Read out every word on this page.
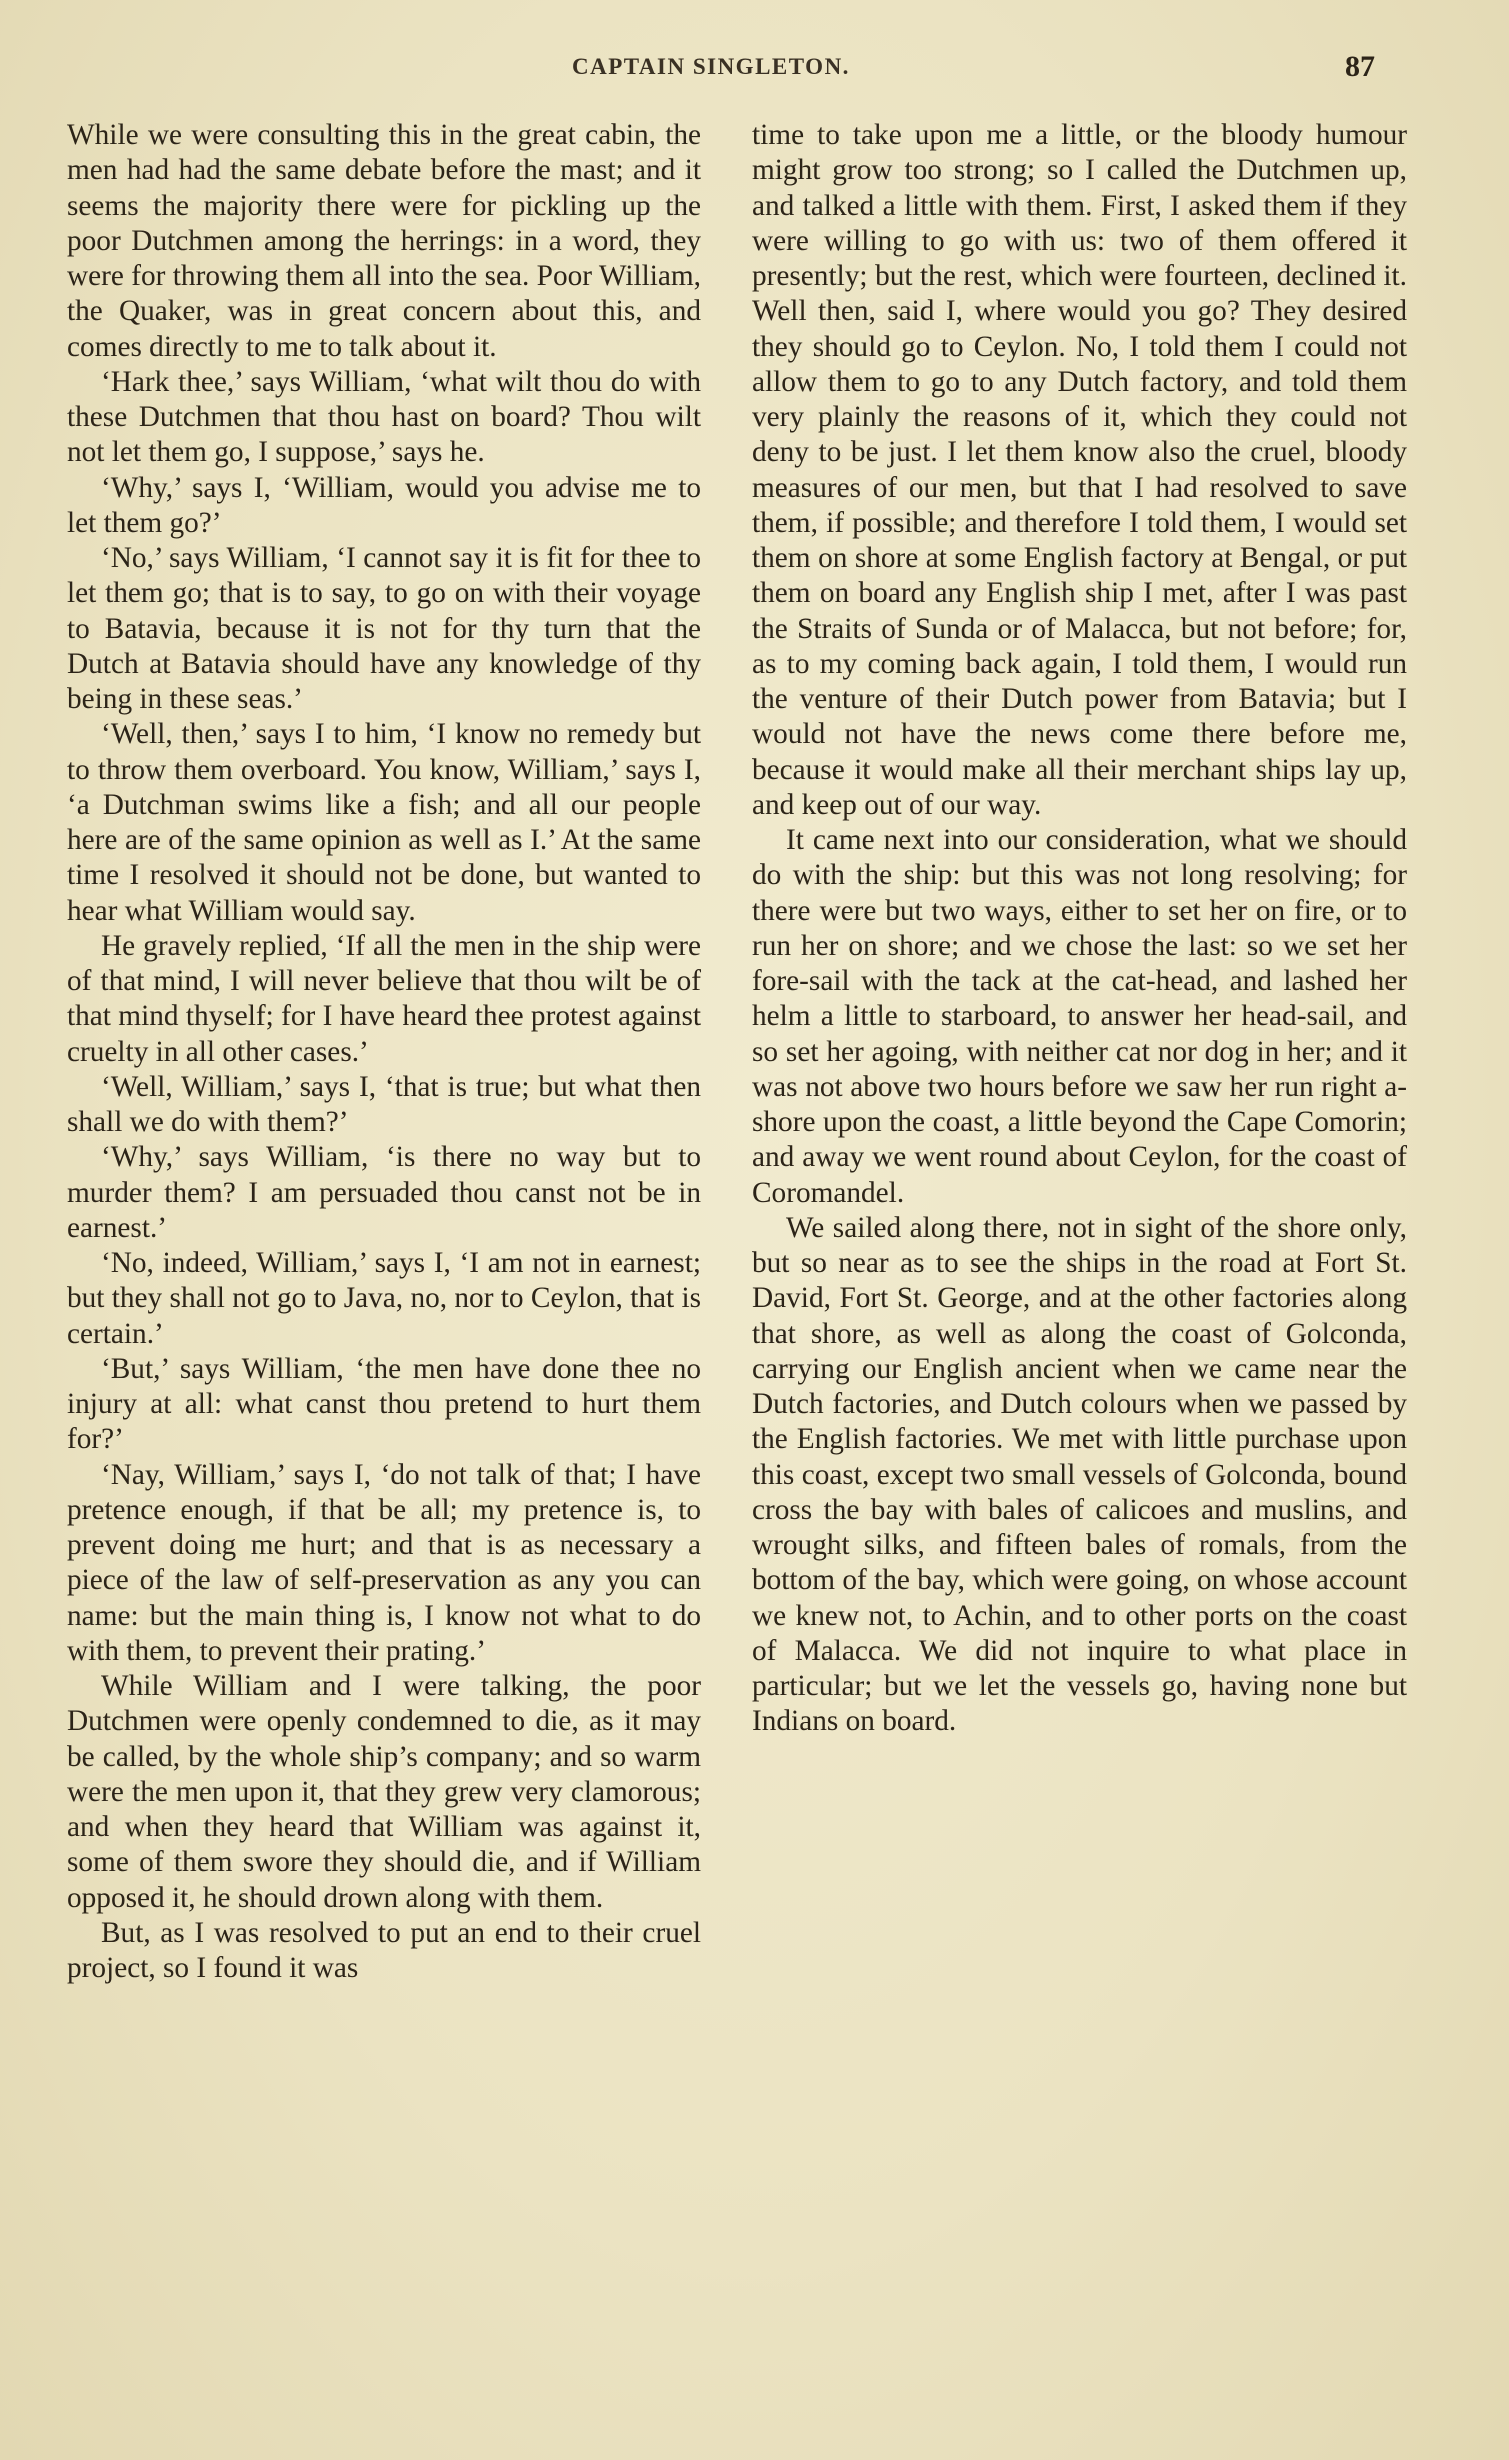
CAPTAIN SINGLETON.	87

While we were consulting this in the great cabin, the men had had the same debate before the mast; and it seems the majority there were for pickling up the poor Dutchmen among the herrings: in a word, they were for throwing them all into the sea. Poor William, the Quaker, was in great concern about this, and comes directly to me to talk about it.

‘Hark thee,’ says William, ‘what wilt thou do with these Dutchmen that thou hast on board? Thou wilt not let them go, I suppose,’ says he.

‘Why,’ says I, ‘William, would you advise me to let them go?’

‘No,’ says William, ‘I cannot say it is fit for thee to let them go; that is to say, to go on with their voyage to Batavia, because it is not for thy turn that the Dutch at Batavia should have any knowledge of thy being in these seas.’

‘Well, then,’ says I to him, ‘I know no remedy but to throw them overboard. You know, William,’ says I, ‘a Dutchman swims like a fish; and all our people here are of the same opinion as well as I.’ At the same time I resolved it should not be done, but wanted to hear what William would say.

He gravely replied, ‘If all the men in the ship were of that mind, I will never believe that thou wilt be of that mind thyself; for I have heard thee protest against cruelty in all other cases.’

‘Well, William,’ says I, ‘that is true; but what then shall we do with them?’

‘Why,’ says William, ‘is there no way but to murder them? I am persuaded thou canst not be in earnest.’

‘No, indeed, William,’ says I, ‘I am not in earnest; but they shall not go to Java, no, nor to Ceylon, that is certain.’

‘But,’ says William, ‘the men have done thee no injury at all: what canst thou pretend to hurt them for?’

‘Nay, William,’ says I, ‘do not talk of that; I have pretence enough, if that be all; my pretence is, to prevent doing me hurt; and that is as necessary a piece of the law of self-preservation as any you can name: but the main thing is, I know not what to do with them, to prevent their prating.’

While William and I were talking, the poor Dutchmen were openly condemned to die, as it may be called, by the whole ship’s company; and so warm were the men upon it, that they grew very clamorous; and when they heard that William was against it, some of them swore they should die, and if William opposed it, he should drown along with them.

But, as I was resolved to put an end to their cruel project, so I found it was

time to take upon me a little, or the bloody humour might grow too strong; so I called the Dutchmen up, and talked a little with them. First, I asked them if they were willing to go with us: two of them offered it presently; but the rest, which were fourteen, declined it. Well then, said I, where would you go? They desired they should go to Ceylon. No, I told them I could not allow them to go to any Dutch factory, and told them very plainly the reasons of it, which they could not deny to be just. I let them know also the cruel, bloody measures of our men, but that I had resolved to save them, if possible; and therefore I told them, I would set them on shore at some English factory at Bengal, or put them on board any English ship I met, after I was past the Straits of Sunda or of Malacca, but not before; for, as to my coming back again, I told them, I would run the venture of their Dutch power from Batavia; but I would not have the news come there before me, because it would make all their merchant ships lay up, and keep out of our way.

It came next into our consideration, what we should do with the ship: but this was not long resolving; for there were but two ways, either to set her on fire, or to run her on shore; and we chose the last: so we set her fore-sail with the tack at the cat-head, and lashed her helm a little to starboard, to answer her head-sail, and so set her agoing, with neither cat nor dog in her; and it was not above two hours before we saw her run right a-shore upon the coast, a little beyond the Cape Comorin; and away we went round about Ceylon, for the coast of Coromandel.

We sailed along there, not in sight of the shore only, but so near as to see the ships in the road at Fort St. David, Fort St. George, and at the other factories along that shore, as well as along the coast of Golconda, carrying our English ancient when we came near the Dutch factories, and Dutch colours when we passed by the English factories. We met with little purchase upon this coast, except two small vessels of Golconda, bound cross the bay with bales of calicoes and muslins, and wrought silks, and fifteen bales of romals, from the bottom of the bay, which were going, on whose account we knew not, to Achin, and to other ports on the coast of Malacca. We did not inquire to what place in particular; but we let the vessels go, having none but Indians on board.
